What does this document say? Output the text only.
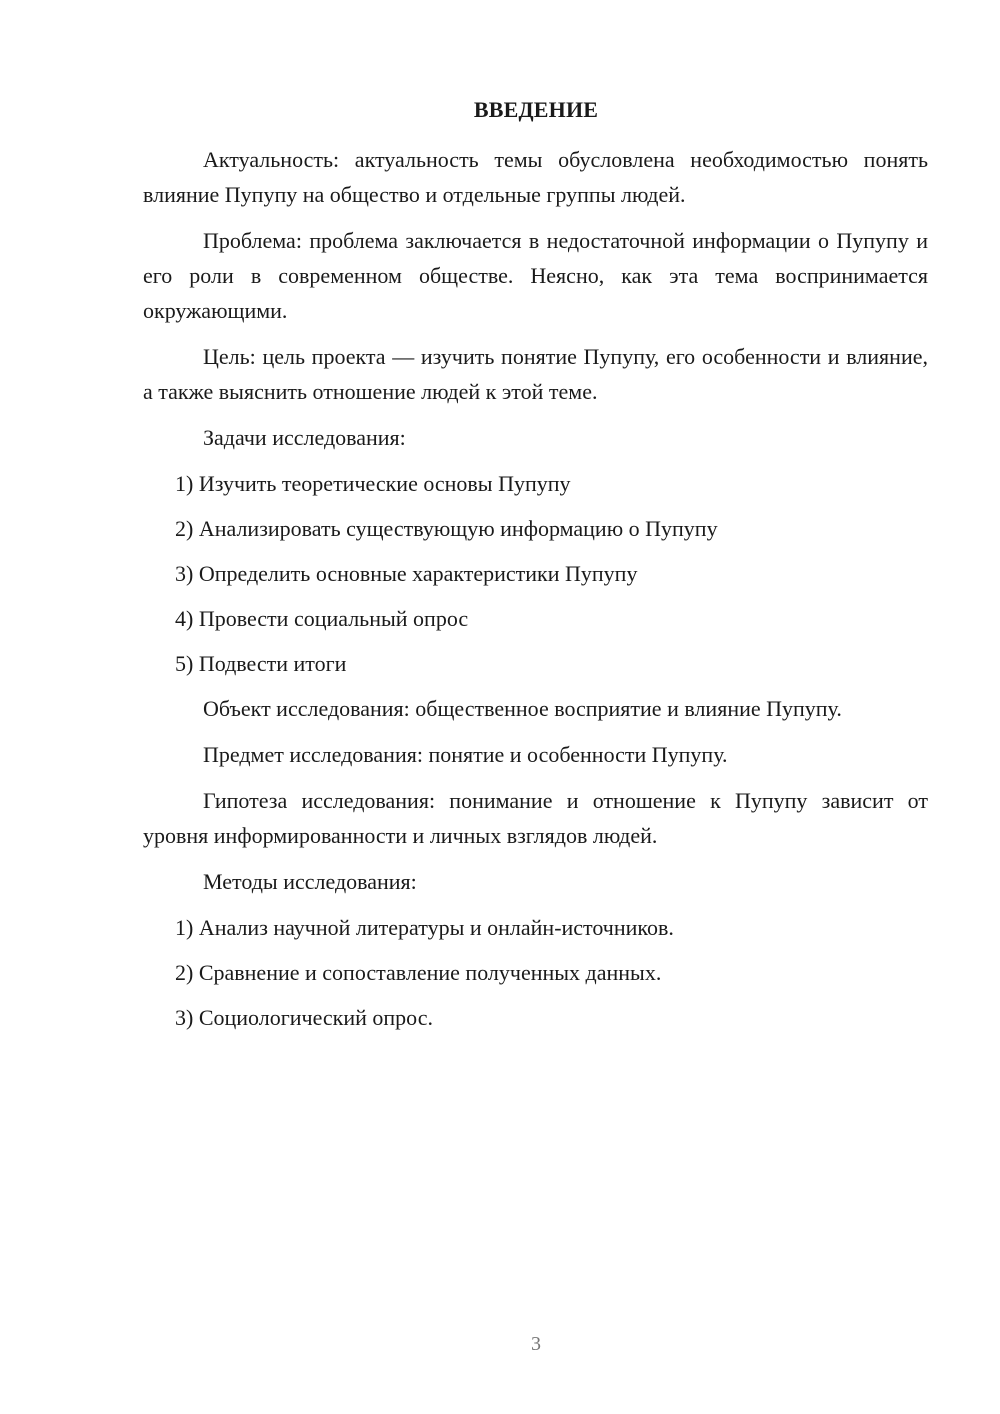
ВВЕДЕНИЕ

Актуальность: актуальность темы обусловлена необходимостью понять влияние Пупупу на общество и отдельные группы людей.

Проблема: проблема заключается в недостаточной информации о Пупупу и его роли в современном обществе. Неясно, как эта тема воспринимается окружающими.

Цель: цель проекта — изучить понятие Пупупу, его особенности и влияние, а также выяснить отношение людей к этой теме.

Задачи исследования:

1) Изучить теоретические основы Пупупу

2) Анализировать существующую информацию о Пупупу

3) Определить основные характеристики Пупупу

4) Провести социальный опрос

5) Подвести итоги

Объект исследования: общественное восприятие и влияние Пупупу.

Предмет исследования: понятие и особенности Пупупу.

Гипотеза исследования: понимание и отношение к Пупупу зависит от уровня информированности и личных взглядов людей.

Методы исследования:

1) Анализ научной литературы и онлайн-источников.

2) Сравнение и сопоставление полученных данных.

3) Социологический опрос.

3
